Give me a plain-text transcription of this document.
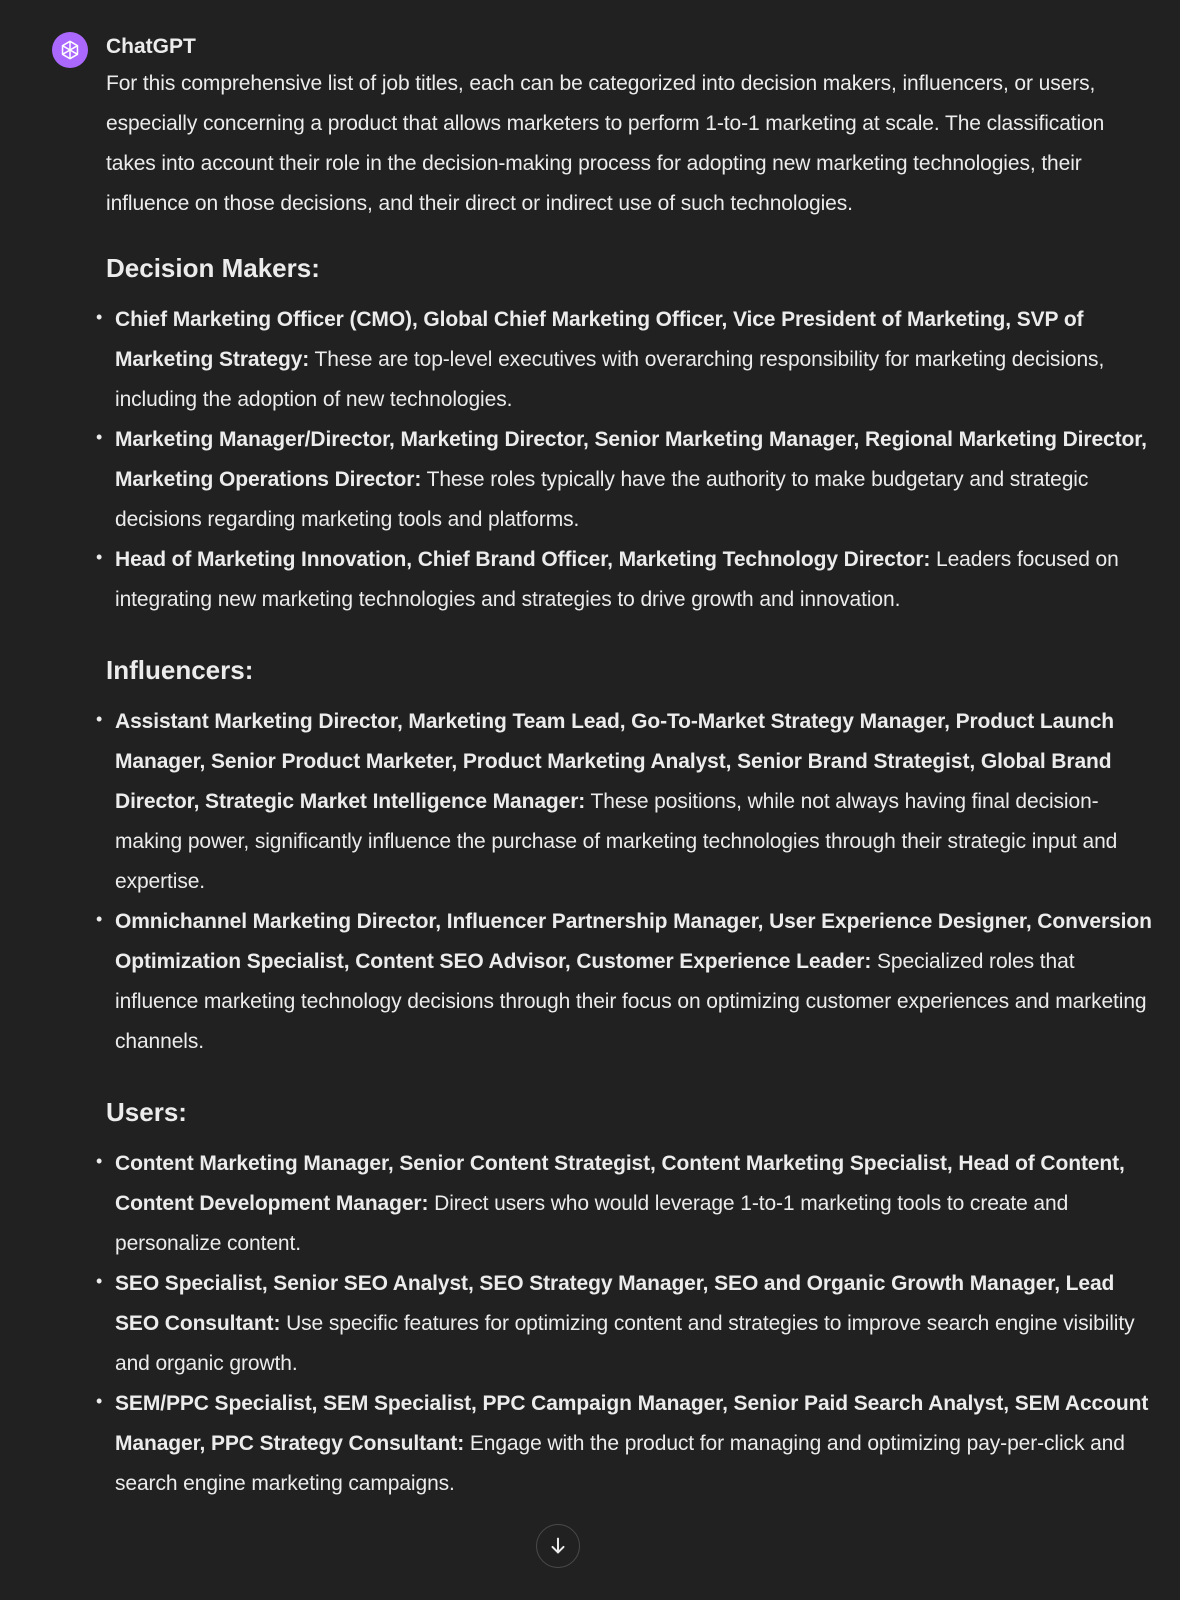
ChatGPT

For this comprehensive list of job titles, each can be categorized into decision makers, influencers, or users, especially concerning a product that allows marketers to perform 1-to-1 marketing at scale. The classification takes into account their role in the decision-making process for adopting new marketing technologies, their influence on those decisions, and their direct or indirect use of such technologies.

Decision Makers:
• Chief Marketing Officer (CMO), Global Chief Marketing Officer, Vice President of Marketing, SVP of Marketing Strategy: These are top-level executives with overarching responsibility for marketing decisions, including the adoption of new technologies.
• Marketing Manager/Director, Marketing Director, Senior Marketing Manager, Regional Marketing Director, Marketing Operations Director: These roles typically have the authority to make budgetary and strategic decisions regarding marketing tools and platforms.
• Head of Marketing Innovation, Chief Brand Officer, Marketing Technology Director: Leaders focused on integrating new marketing technologies and strategies to drive growth and innovation.
Influencers:
• Assistant Marketing Director, Marketing Team Lead, Go-To-Market Strategy Manager, Product Launch Manager, Senior Product Marketer, Product Marketing Analyst, Senior Brand Strategist, Global Brand Director, Strategic Market Intelligence Manager: These positions, while not always having final decision-making power, significantly influence the purchase of marketing technologies through their strategic input and expertise.
• Omnichannel Marketing Director, Influencer Partnership Manager, User Experience Designer, Conversion Optimization Specialist, Content SEO Advisor, Customer Experience Leader: Specialized roles that influence marketing technology decisions through their focus on optimizing customer experiences and marketing channels.
Users:
• Content Marketing Manager, Senior Content Strategist, Content Marketing Specialist, Head of Content, Content Development Manager: Direct users who would leverage 1-to-1 marketing tools to create and personalize content.
• SEO Specialist, Senior SEO Analyst, SEO Strategy Manager, SEO and Organic Growth Manager, Lead SEO Consultant: Use specific features for optimizing content and strategies to improve search engine visibility and organic growth.
• SEM/PPC Specialist, SEM Specialist, PPC Campaign Manager, Senior Paid Search Analyst, SEM Account Manager, PPC Strategy Consultant: Engage with the product for managing and optimizing pay-per-click and search engine marketing campaigns.
